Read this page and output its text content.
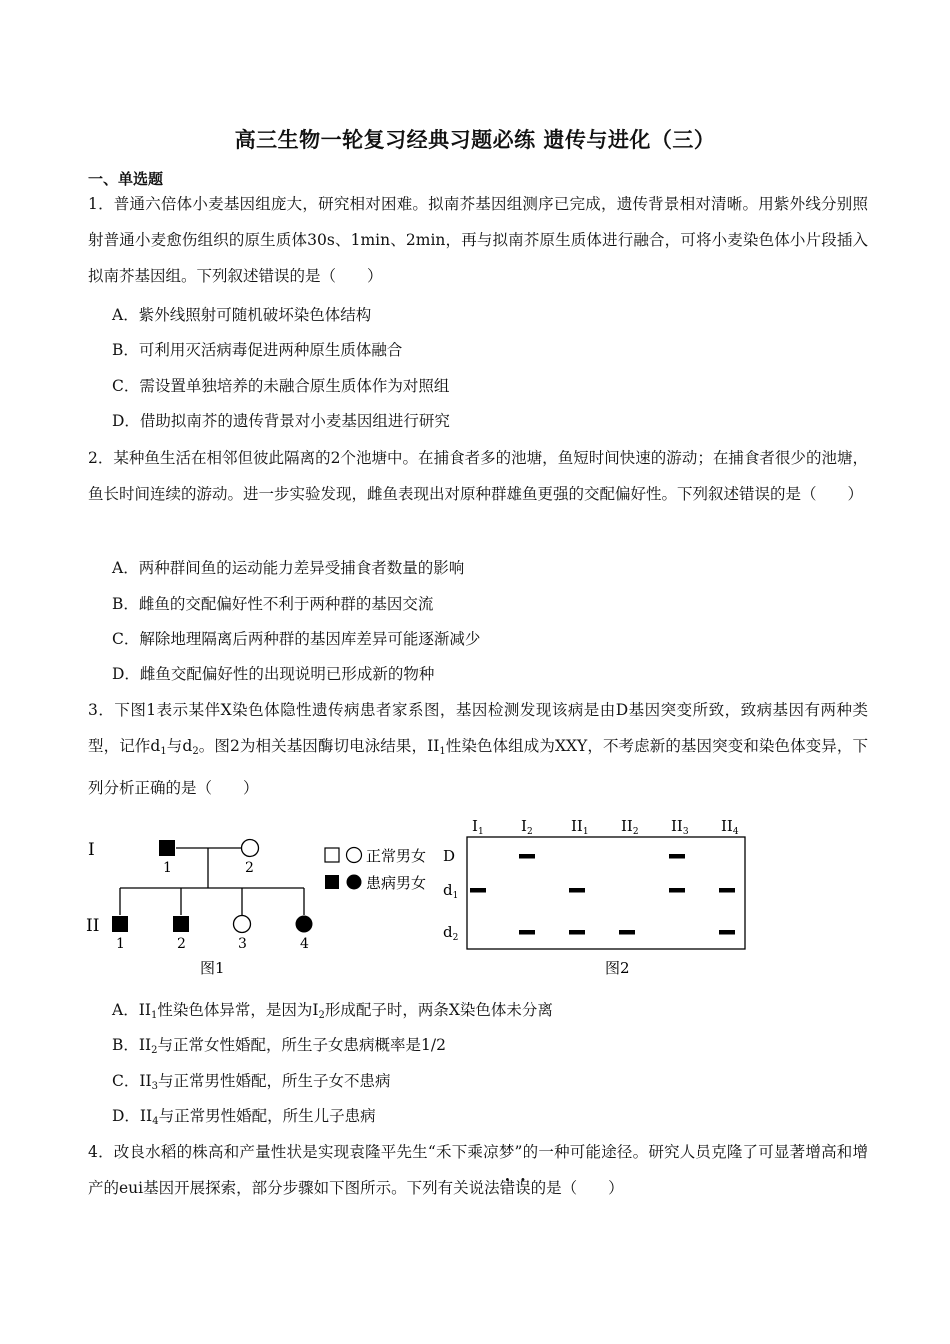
高三生物一轮复习经典习题必练 遗传与进化（三）
一、单选题
1．普通六倍体小麦基因组庞大，研究相对困难。拟南芥基因组测序已完成，遗传背景相对清晰。用紫外线分别照射普通小麦愈伤组织的原生质体30s、1min、2min，再与拟南芥原生质体进行融合，可将小麦染色体小片段插入拟南芥基因组。下列叙述错误的是（　　）
A．紫外线照射可随机破坏染色体结构
B．可利用灭活病毒促进两种原生质体融合
C．需设置单独培养的未融合原生质体作为对照组
D．借助拟南芥的遗传背景对小麦基因组进行研究
2．某种鱼生活在相邻但彼此隔离的2个池塘中。在捕食者多的池塘，鱼短时间快速的游动；在捕食者很少的池塘，鱼长时间连续的游动。进一步实验发现，雌鱼表现出对原种群雄鱼更强的交配偏好性。下列叙述错误的是（　　）
A．两种群间鱼的运动能力差异受捕食者数量的影响
B．雌鱼的交配偏好性不利于两种群的基因交流
C．解除地理隔离后两种群的基因库差异可能逐渐减少
D．雌鱼交配偏好性的出现说明已形成新的物种
3．下图1表示某伴X染色体隐性遗传病患者家系图，基因检测发现该病是由D基因突变所致，致病基因有两种类型，记作$d_1$与$d_2$。图2为相关基因酶切电泳结果，$II_1$性染色体组成为XXY，不考虑新的基因突变和染色体变异，下列分析正确的是（　　）
I
II
1	2
1	2	3	4
正常男女
患病男女
图1
$I_1$ $I_2$	$II_1$ $II_2$ $II_3$ $II_4$
D
$d_1$
$d_2$
图2
A．$II_1$性染色体异常，是因为$I_2$形成配子时，两条X染色体未分离
B．$II_2$与正常女性婚配，所生子女患病概率是1/2
C．$II_3$与正常男性婚配，所生子女不患病
D．$II_4$与正常男性婚配，所生儿子患病
4．改良水稻的株高和产量性状是实现袁隆平先生“禾下乘凉梦”的一种可能途径。研究人员克隆了可显著增高和增产的eui基因开展探索，部分步骤如下图所示。下列有关说法错误的是（　　）
